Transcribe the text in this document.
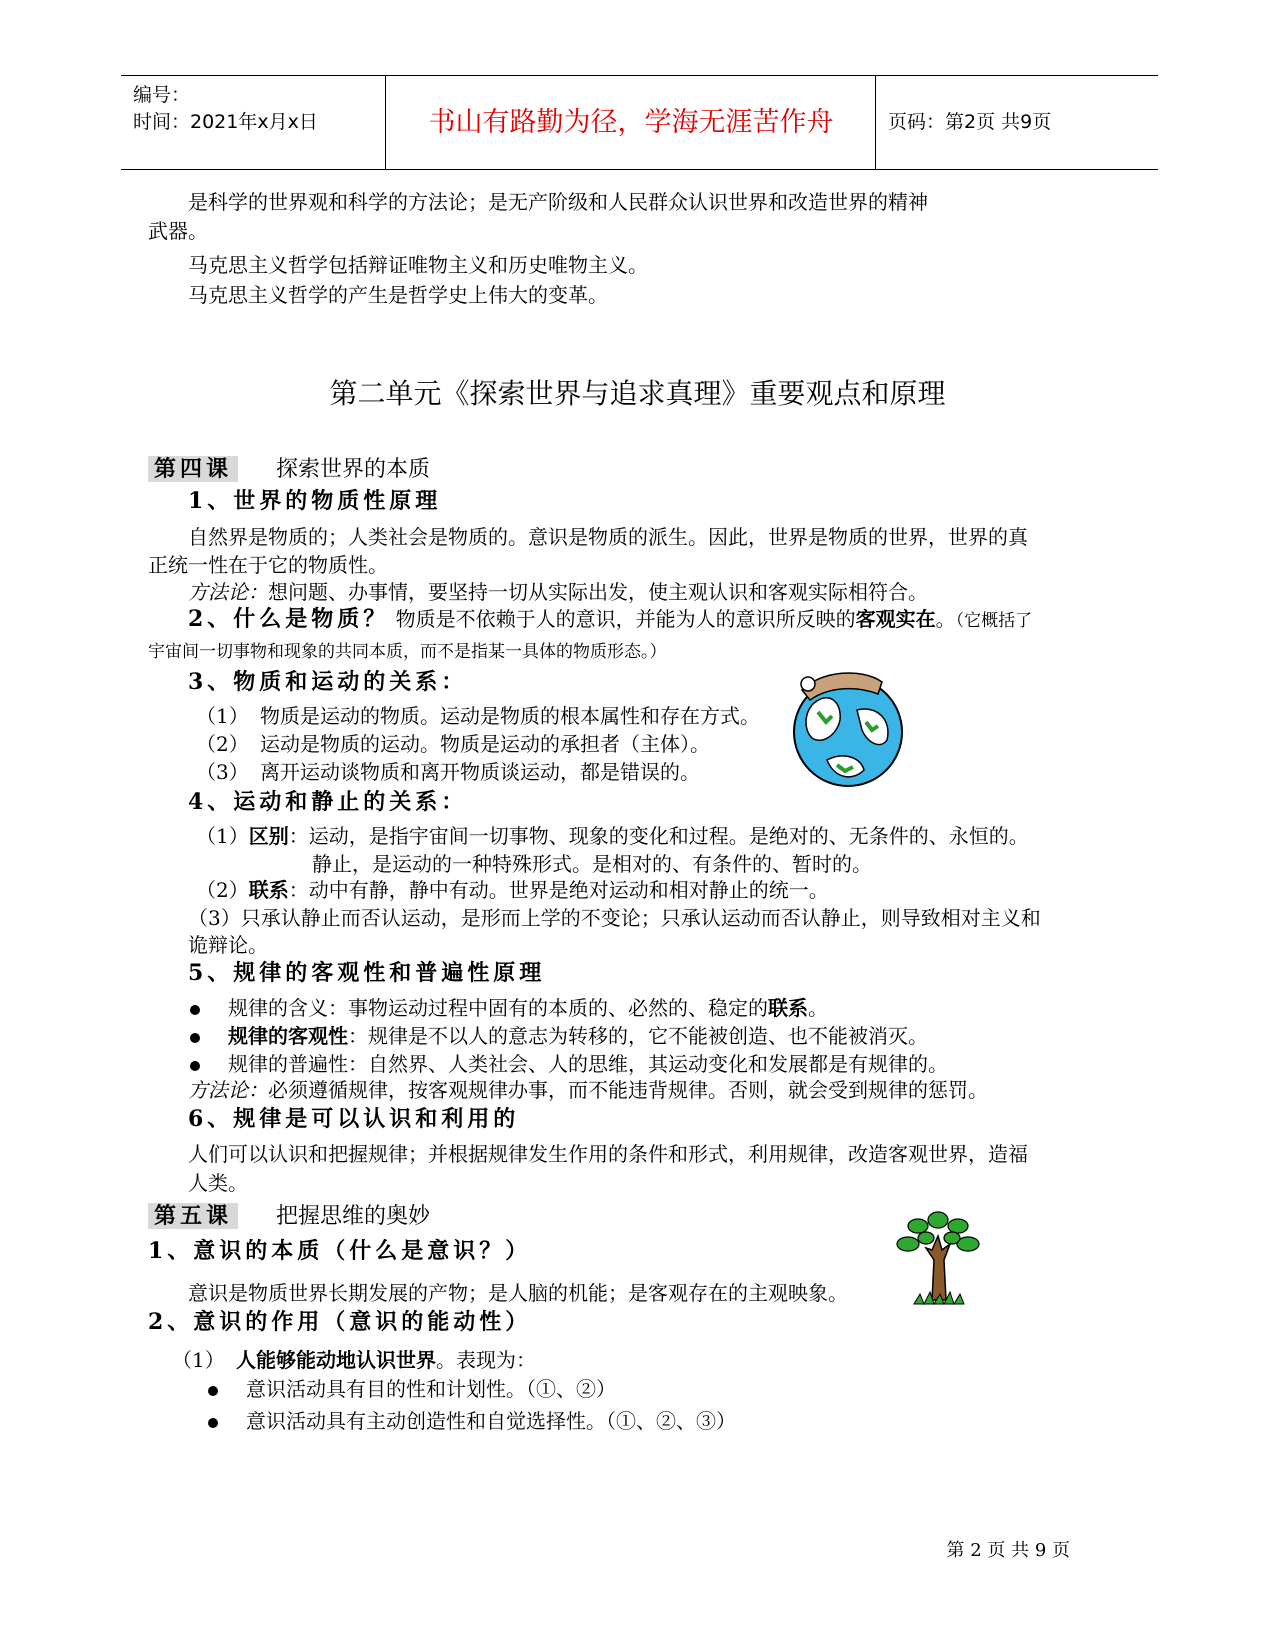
编号：
时间：2021年x月x日	书山有路勤为径，学海无涯苦作舟	页码：第2页 共9页
是科学的世界观和科学的方法论；是无产阶级和人民群众认识世界和改造世界的精神
武器。
马克思主义哲学包括辩证唯物主义和历史唯物主义。
马克思主义哲学的产生是哲学史上伟大的变革。
第二单元《探索世界与追求真理》重要观点和原理
第四课 探索世界的本质
1、世界的物质性原理
自然界是物质的；人类社会是物质的。意识是物质的派生。因此，世界是物质的世界，世界的真
正统一性在于它的物质性。
方法论：想问题、办事情，要坚持一切从实际出发，使主观认识和客观实际相符合。
2、什么是物质？ 物质是不依赖于人的意识，并能为人的意识所反映的客观实在。（它概括了
宇宙间一切事物和现象的共同本质，而不是指某一具体的物质形态。）
3、物质和运动的关系：
（1） 物质是运动的物质。运动是物质的根本属性和存在方式。
（2） 运动是物质的运动。物质是运动的承担者（主体）。
（3） 离开运动谈物质和离开物质谈运动，都是错误的。
4、运动和静止的关系：
（1）区别：运动，是指宇宙间一切事物、现象的变化和过程。是绝对的、无条件的、永恒的。
静止，是运动的一种特殊形式。是相对的、有条件的、暂时的。
（2）联系：动中有静，静中有动。世界是绝对运动和相对静止的统一。
（3）只承认静止而否认运动，是形而上学的不变论；只承认运动而否认静止，则导致相对主义和
诡辩论。
5、规律的客观性和普遍性原理
规律的含义：事物运动过程中固有的本质的、必然的、稳定的联系。
规律的客观性：规律是不以人的意志为转移的，它不能被创造、也不能被消灭。
规律的普遍性：自然界、人类社会、人的思维，其运动变化和发展都是有规律的。
方法论：必须遵循规律，按客观规律办事，而不能违背规律。否则，就会受到规律的惩罚。
6、规律是可以认识和利用的
人们可以认识和把握规律；并根据规律发生作用的条件和形式，利用规律，改造客观世界，造福
人类。
第五课 把握思维的奥妙
1、意识的本质（什么是意识？）
意识是物质世界长期发展的产物；是人脑的机能；是客观存在的主观映象。
2、意识的作用（意识的能动性）
（1） 人能够能动地认识世界。表现为：
意识活动具有目的性和计划性。（①、②）
意识活动具有主动创造性和自觉选择性。（①、②、③）
第 2 页 共 9 页
